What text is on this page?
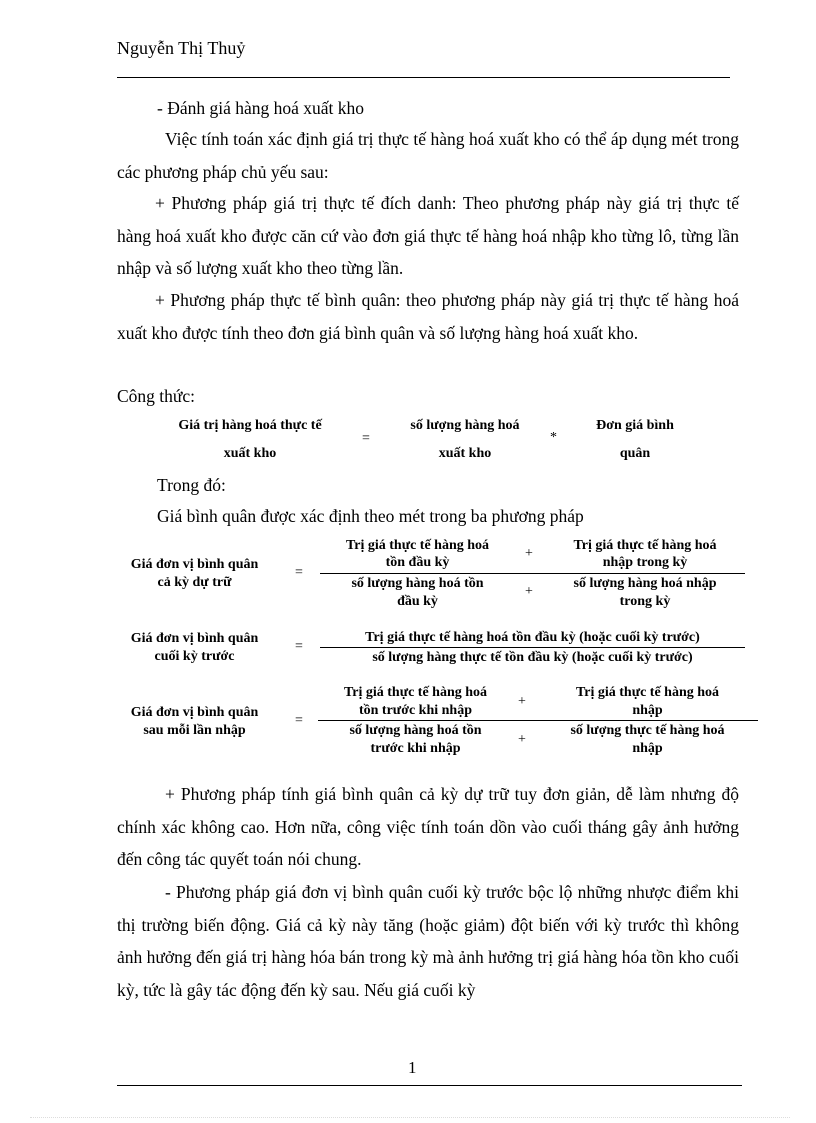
Nguyễn Thị Thuỷ
- Đánh giá hàng hoá xuất kho
Việc tính toán xác định giá trị thực tế hàng hoá xuất kho có thể áp dụng mét trong các phương pháp chủ yếu sau:
+ Phương pháp giá trị thực tế đích danh: Theo phương pháp này giá trị thực tế hàng hoá xuất kho được căn cứ vào đơn giá thực tế hàng hoá nhập kho từng lô, từng lần nhập và số lượng xuất kho theo từng lần.
+ Phương pháp thực tế bình quân: theo phương pháp này giá trị thực tế hàng hoá xuất kho được tính theo đơn giá bình quân và số lượng hàng hoá xuất kho.
Công thức:
Giá trị hàng hoá thực tế
xuất kho
=
số lượng hàng hoá
xuất kho
*
Đơn giá bình
quân
Trong đó:
Giá bình quân được xác định theo mét trong ba phương pháp
Giá đơn vị bình quân
cả kỳ dự trữ
=
Trị giá thực tế hàng hoá
tồn đầu kỳ
+
Trị giá thực tế hàng hoá
nhập trong kỳ
số lượng hàng hoá tồn
đầu kỳ
+
số lượng hàng hoá nhập
trong kỳ
Giá đơn vị bình quân
cuối kỳ trước
=
Trị giá thực tế hàng hoá tồn đầu kỳ (hoặc cuối kỳ trước)
số lượng hàng thực tế tồn đầu kỳ (hoặc cuối kỳ trước)
Giá đơn vị bình quân
sau mỗi lần nhập
=
Trị giá thực tế hàng hoá
tồn trước khi nhập
+
Trị giá thực tế hàng hoá
nhập
số lượng hàng hoá tồn
trước khi nhập
+
số lượng thực tế hàng hoá
nhập
+ Phương pháp tính giá bình quân cả kỳ dự trữ tuy đơn giản, dễ làm nhưng độ chính xác không cao. Hơn nữa, công việc tính toán dồn vào cuối tháng gây ảnh hưởng đến công tác quyết toán nói chung.
- Phương pháp giá đơn vị bình quân cuối kỳ trước bộc lộ những nhược điểm khi thị trường biến động. Giá cả kỳ này tăng (hoặc giảm) đột biến với kỳ trước thì không ảnh hưởng đến giá trị hàng hóa bán trong kỳ mà ảnh hưởng trị giá hàng hóa tồn kho cuối kỳ, tức là gây tác động đến kỳ sau. Nếu giá cuối kỳ
1
